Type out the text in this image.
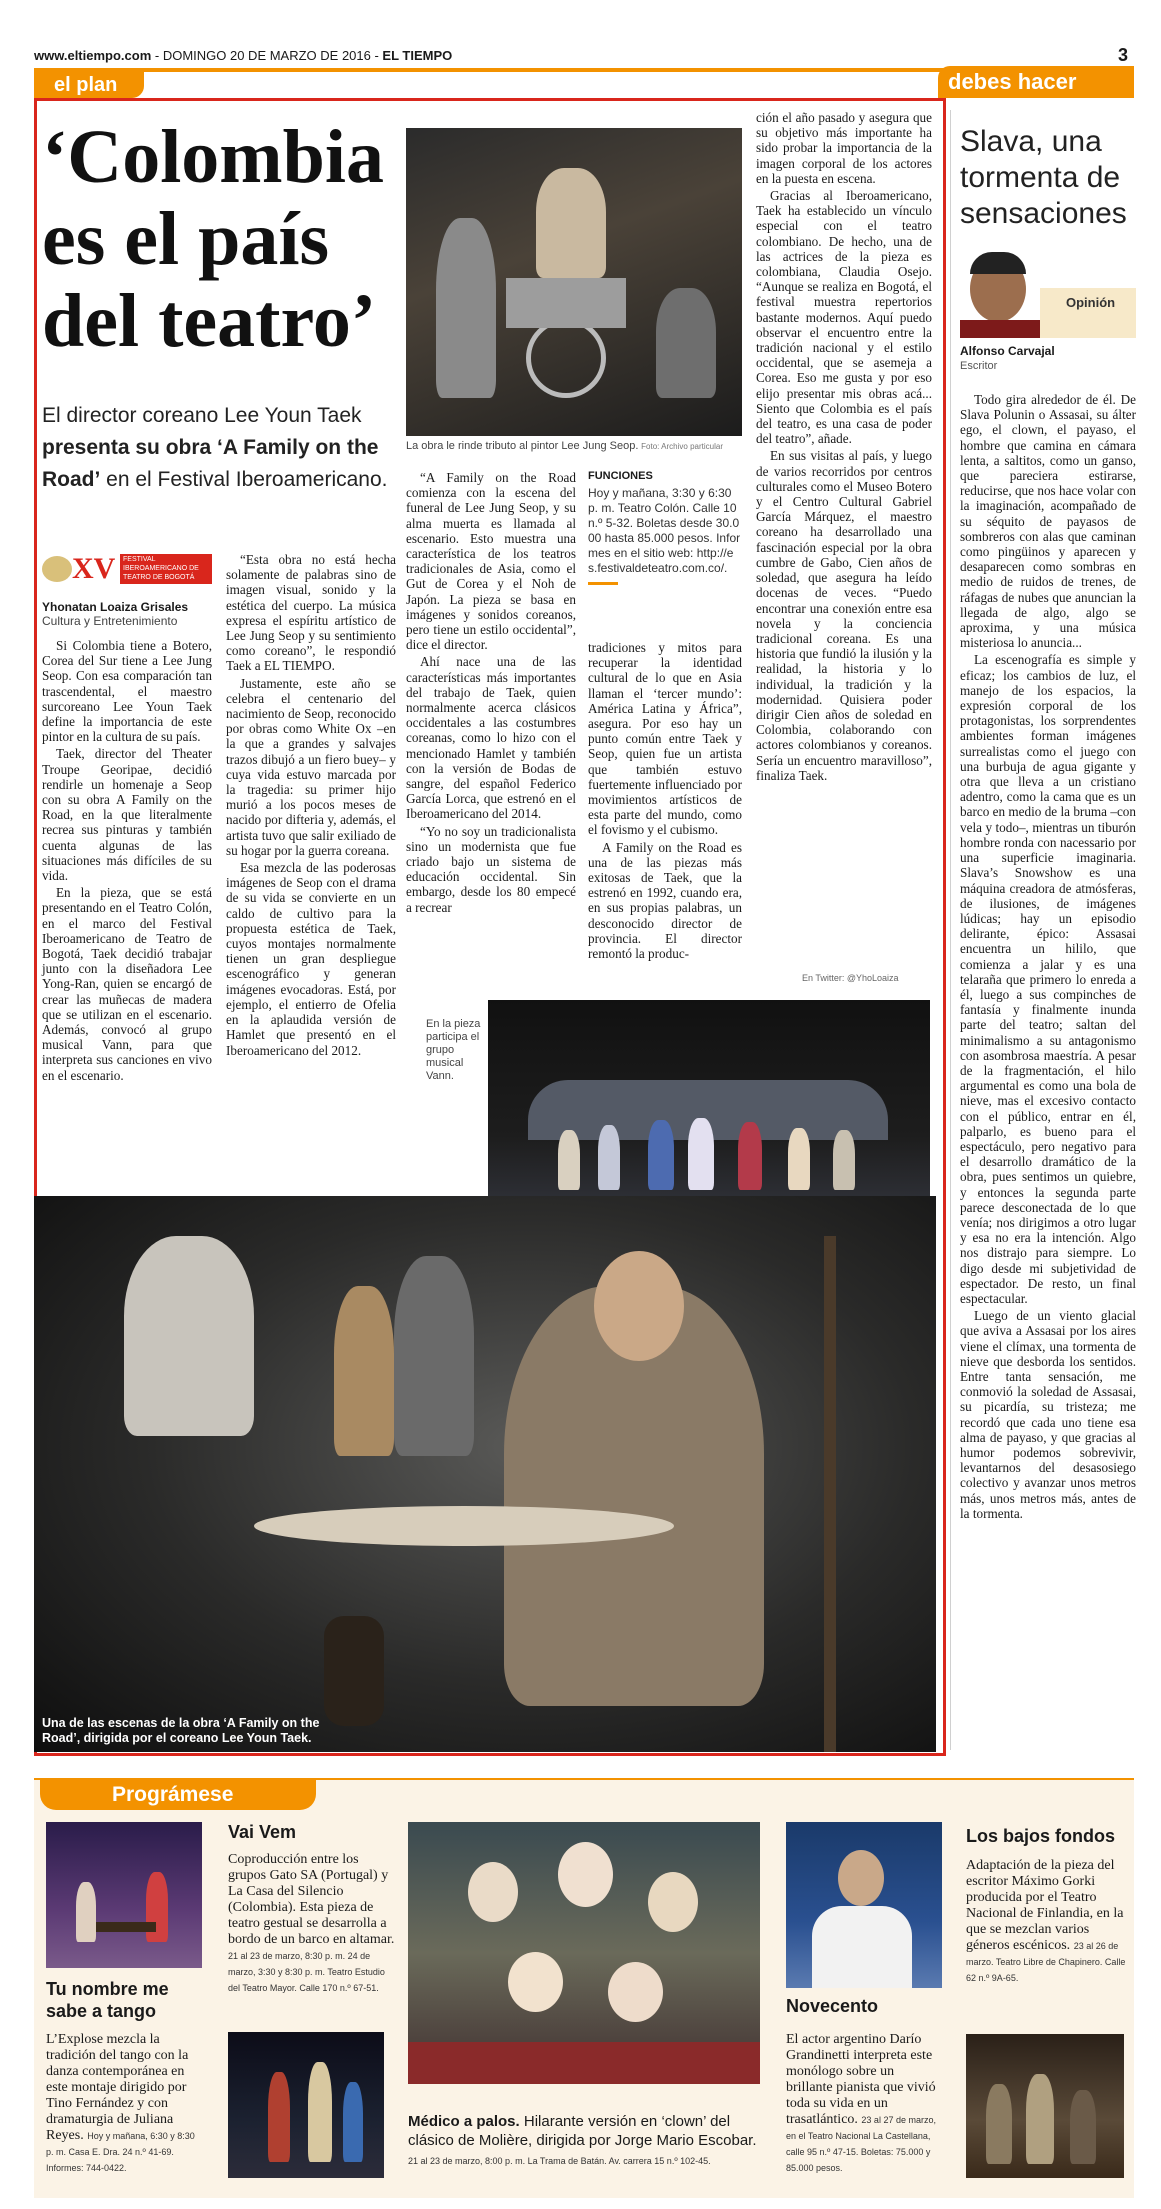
www.eltiempo.com - DOMINGO 20 DE MARZO DE 2016 - EL TIEMPO	3
el plan	debes hacer
‘Colombia
es el país
del teatro’
El director coreano Lee Youn Taek
presenta su obra ‘A Family on the Road’ en el Festival Iberoamericano.
XV	FESTIVAL IBEROAMERICANO DE TEATRO DE BOGOTÁ
Yhonatan Loaiza Grisales
Cultura y Entretenimiento

Si Colombia tiene a Botero, Corea del Sur tiene a Lee Jung Seop. Con esa comparación tan trascendental, el maestro surcoreano Lee Youn Taek define la importancia de este pintor en la cultura de su país.

Taek, director del Theater Troupe Georipae, decidió rendirle un homenaje a Seop con su obra A Family on the Road, en la que literalmente recrea sus pinturas y también cuenta algunas de las situaciones más difíciles de su vida.

En la pieza, que se está presentando en el Teatro Colón, en el marco del Festival Iberoamericano de Teatro de Bogotá, Taek decidió trabajar junto con la diseñadora Lee Yong-Ran, quien se encargó de crear las muñecas de madera que se utilizan en el escenario. Además, convocó al grupo musical Vann, para que interpreta sus canciones en vivo en el escenario.

“Esta obra no está hecha solamente de palabras sino de imagen visual, sonido y la estética del cuerpo. La música expresa el espíritu artístico de Lee Jung Seop y su sentimiento como coreano”, le respondió Taek a EL TIEMPO.

Justamente, este año se celebra el centenario del nacimiento de Seop, reconocido por obras como White Ox –en la que a grandes y salvajes trazos dibujó a un fiero buey– y cuya vida estuvo marcada por la tragedia: su primer hijo murió a los pocos meses de nacido por difteria y, además, el artista tuvo que salir exiliado de su hogar por la guerra coreana.

Esa mezcla de las poderosas imágenes de Seop con el drama de su vida se convierte en un caldo de cultivo para la propuesta estética de Taek, cuyos montajes normalmente tienen un gran despliegue escenográfico y generan imágenes evocadoras. Está, por ejemplo, el entierro de Ofelia en la aplaudida versión de Hamlet que presentó en el Iberoamericano del 2012.

La obra le rinde tributo al pintor Lee Jung Seop. Foto: Archivo particular

“A Family on the Road comienza con la escena del funeral de Lee Jung Seop, y su alma muerta es llamada al escenario. Esto muestra una característica de los teatros tradicionales de Asia, como el Gut de Corea y el Noh de Japón. La pieza se basa en imágenes y sonidos coreanos, pero tiene un estilo occidental”, dice el director.

Ahí nace una de las características más importantes del trabajo de Taek, quien normalmente acerca clásicos occidentales a las costumbres coreanas, como lo hizo con el mencionado Hamlet y también con la versión de Bodas de sangre, del español Federico García Lorca, que estrenó en el Iberoamericano del 2014.

“Yo no soy un tradicionalista sino un modernista que fue criado bajo un sistema de educación occidental. Sin embargo, desde los 80 empecé a recrear

FUNCIONES
Hoy y mañana, 3:30 y 6:30 p. m. Teatro Colón. Calle 10 n.º 5-32. Boletas desde 30.000 hasta 85.000 pesos. Informes en el sitio web: http://es.festivaldeteatro.com.co/.

tradiciones y mitos para recuperar la identidad cultural de lo que en Asia llaman el ‘tercer mundo’: América Latina y África”, asegura. Por eso hay un punto común entre Taek y Seop, quien fue un artista que también estuvo fuertemente influenciado por movimientos artísticos de esta parte del mundo, como el fovismo y el cubismo.

A Family on the Road es una de las piezas más exitosas de Taek, que la estrenó en 1992, cuando era, en sus propias palabras, un desconocido director de provincia. El director remontó la produc-

ción el año pasado y asegura que su objetivo más importante ha sido probar la importancia de la imagen corporal de los actores en la puesta en escena.

Gracias al Iberoamericano, Taek ha establecido un vínculo especial con el teatro colombiano. De hecho, una de las actrices de la pieza es colombiana, Claudia Osejo. “Aunque se realiza en Bogotá, el festival muestra repertorios bastante modernos. Aquí puedo observar el encuentro entre la tradición nacional y el estilo occidental, que se asemeja a Corea. Eso me gusta y por eso elijo presentar mis obras acá... Siento que Colombia es el país del teatro, es una casa de poder del teatro”, añade.

En sus visitas al país, y luego de varios recorridos por centros culturales como el Museo Botero y el Centro Cultural Gabriel García Márquez, el maestro coreano ha desarrollado una fascinación especial por la obra cumbre de Gabo, Cien años de soledad, que asegura ha leído docenas de veces. “Puedo encontrar una conexión entre esa novela y la conciencia tradicional coreana. Es una historia que fundió la ilusión y la realidad, la historia y lo individual, la tradición y la modernidad. Quisiera poder dirigir Cien años de soledad en Colombia, colaborando con actores colombianos y coreanos. Sería un encuentro maravilloso”, finaliza Taek.

En Twitter: @YhoLoaiza
En la pieza participa el grupo musical Vann.
Una de las escenas de la obra ‘A Family on the Road’, dirigida por el coreano Lee Youn Taek.
Slava, una tormenta de sensaciones
Opinión
Alfonso Carvajal
Escritor

Todo gira alrededor de él. De Slava Polunin o Assasai, su álter ego, el clown, el payaso, el hombre que camina en cámara lenta, a saltitos, como un ganso, que pareciera estirarse, reducirse, que nos hace volar con la imaginación, acompañado de su séquito de payasos de sombreros con alas que caminan como pingüinos y aparecen y desaparecen como sombras en medio de ruidos de trenes, de ráfagas de nubes que anuncian la llegada de algo, algo se aproxima, y una música misteriosa lo anuncia...

La escenografía es simple y eficaz; los cambios de luz, el manejo de los espacios, la expresión corporal de los protagonistas, los sorprendentes ambientes forman imágenes surrealistas como el juego con una burbuja de agua gigante y otra que lleva a un cristiano adentro, como la cama que es un barco en medio de la bruma –con vela y todo–, mientras un tiburón hombre ronda con nacessario por una superficie imaginaria. Slava’s Snowshow es una máquina creadora de atmósferas, de ilusiones, de imágenes lúdicas; hay un episodio delirante, épico: Assasai encuentra un hililo, que comienza a jalar y es una telaraña que primero lo enreda a él, luego a sus compinches de fantasía y finalmente inunda parte del teatro; saltan del minimalismo a su antagonismo con asombrosa maestría. A pesar de la fragmentación, el hilo argumental es como una bola de nieve, mas el excesivo contacto con el público, entrar en él, palparlo, es bueno para el espectáculo, pero negativo para el desarrollo dramático de la obra, pues sentimos un quiebre, y entonces la segunda parte parece desconectada de lo que venía; nos dirigimos a otro lugar y esa no era la intención. Algo nos distrajo para siempre. Lo digo desde mi subjetividad de espectador. De resto, un final espectacular.

Luego de un viento glacial que aviva a Assasai por los aires viene el clímax, una tormenta de nieve que desborda los sentidos. Entre tanta sensación, me conmovió la soledad de Assasai, su picardía, su tristeza; me recordó que cada uno tiene esa alma de payaso, y que gracias al humor podemos sobrevivir, levantarnos del desasosiego colectivo y avanzar unos metros más, unos metros más, antes de la tormenta.

Prográmese
Tu nombre me sabe a tango
L’Explose mezcla la tradición del tango con la danza contemporánea en este montaje dirigido por Tino Fernández y con dramaturgia de Juliana Reyes. Hoy y mañana, 6:30 y 8:30 p. m. Casa E. Dra. 24 n.º 41-69. Informes: 744-0422.
Vai Vem
Coproducción entre los grupos Gato SA (Portugal) y La Casa del Silencio (Colombia). Esta pieza de teatro gestual se desarrolla a bordo de un barco en altamar. 21 al 23 de marzo, 8:30 p. m. 24 de marzo, 3:30 y 8:30 p. m. Teatro Estudio del Teatro Mayor. Calle 170 n.º 67-51.
Médico a palos. Hilarante versión en ‘clown’ del clásico de Molière, dirigida por Jorge Mario Escobar. 21 al 23 de marzo, 8:00 p. m. La Trama de Batán. Av. carrera 15 n.º 102-45.
Novecento
El actor argentino Darío Grandinetti interpreta este monólogo sobre un brillante pianista que vivió toda su vida en un trasatlántico. 23 al 27 de marzo, en el Teatro Nacional La Castellana, calle 95 n.º 47-15. Boletas: 75.000 y 85.000 pesos.
Los bajos fondos
Adaptación de la pieza del escritor Máximo Gorki producida por el Teatro Nacional de Finlandia, en la que se mezclan varios géneros escénicos. 23 al 26 de marzo. Teatro Libre de Chapinero. Calle 62 n.º 9A-65.
